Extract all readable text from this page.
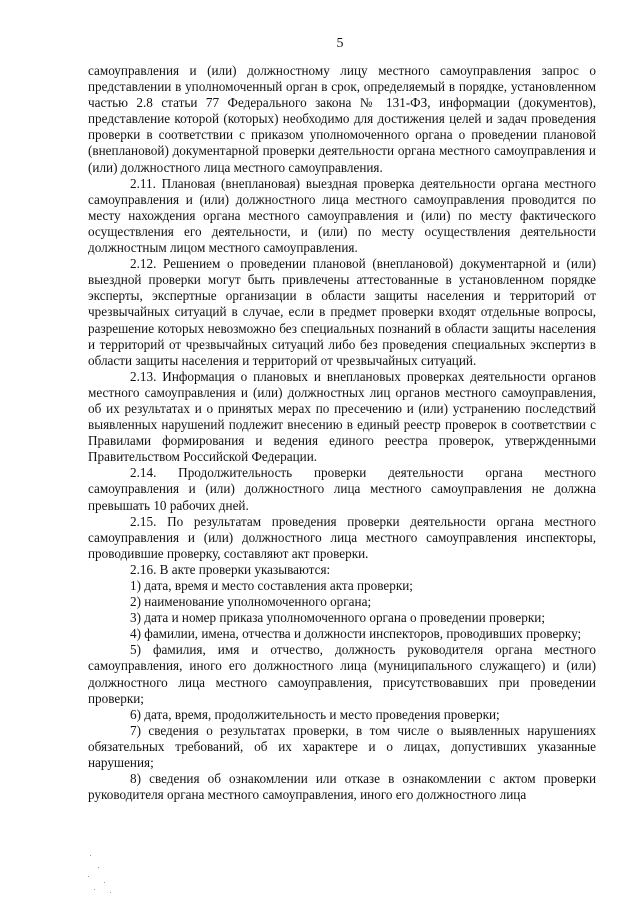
5

самоуправления и (или) должностному лицу местного самоуправления запрос о представлении в уполномоченный орган в срок, определяемый в порядке, установленном частью 2.8 статьи 77 Федерального закона № 131-ФЗ, информации (документов), представление которой (которых) необходимо для достижения целей и задач проведения проверки в соответствии с приказом уполномоченного органа о проведении плановой (внеплановой) документарной проверки деятельности органа местного самоуправления и (или) должностного лица местного самоуправления.

2.11. Плановая (внеплановая) выездная проверка деятельности органа местного самоуправления и (или) должностного лица местного самоуправления проводится по месту нахождения органа местного самоуправления и (или) по месту фактического осуществления его деятельности, и (или) по месту осуществления деятельности должностным лицом местного самоуправления.

2.12. Решением о проведении плановой (внеплановой) документарной и (или) выездной проверки могут быть привлечены аттестованные в установленном порядке эксперты, экспертные организации в области защиты населения и территорий от чрезвычайных ситуаций в случае, если в предмет проверки входят отдельные вопросы, разрешение которых невозможно без специальных познаний в области защиты населения и территорий от чрезвычайных ситуаций либо без проведения специальных экспертиз в области защиты населения и территорий от чрезвычайных ситуаций.

2.13. Информация о плановых и внеплановых проверках деятельности органов местного самоуправления и (или) должностных лиц органов местного самоуправления, об их результатах и о принятых мерах по пресечению и (или) устранению последствий выявленных нарушений подлежит внесению в единый реестр проверок в соответствии с Правилами формирования и ведения единого реестра проверок, утвержденными Правительством Российской Федерации.

2.14. Продолжительность проверки деятельности органа местного самоуправления и (или) должностного лица местного самоуправления не должна превышать 10 рабочих дней.

2.15. По результатам проведения проверки деятельности органа местного самоуправления и (или) должностного лица местного самоуправления инспекторы, проводившие проверку, составляют акт проверки.

2.16. В акте проверки указываются:

1) дата, время и место составления акта проверки;

2) наименование уполномоченного органа;

3) дата и номер приказа уполномоченного органа о проведении проверки;

4) фамилии, имена, отчества и должности инспекторов, проводивших проверку;

5) фамилия, имя и отчество, должность руководителя органа местного самоуправления, иного его должностного лица (муниципального служащего) и (или) должностного лица местного самоуправления, присутствовавших при проведении проверки;

6) дата, время, продолжительность и место проведения проверки;

7) сведения о результатах проверки, в том числе о выявленных нарушениях обязательных требований, об их характере и о лицах, допустивших указанные нарушения;

8) сведения об ознакомлении или отказе в ознакомлении с актом проверки руководителя органа местного самоуправления, иного его должностного лица
